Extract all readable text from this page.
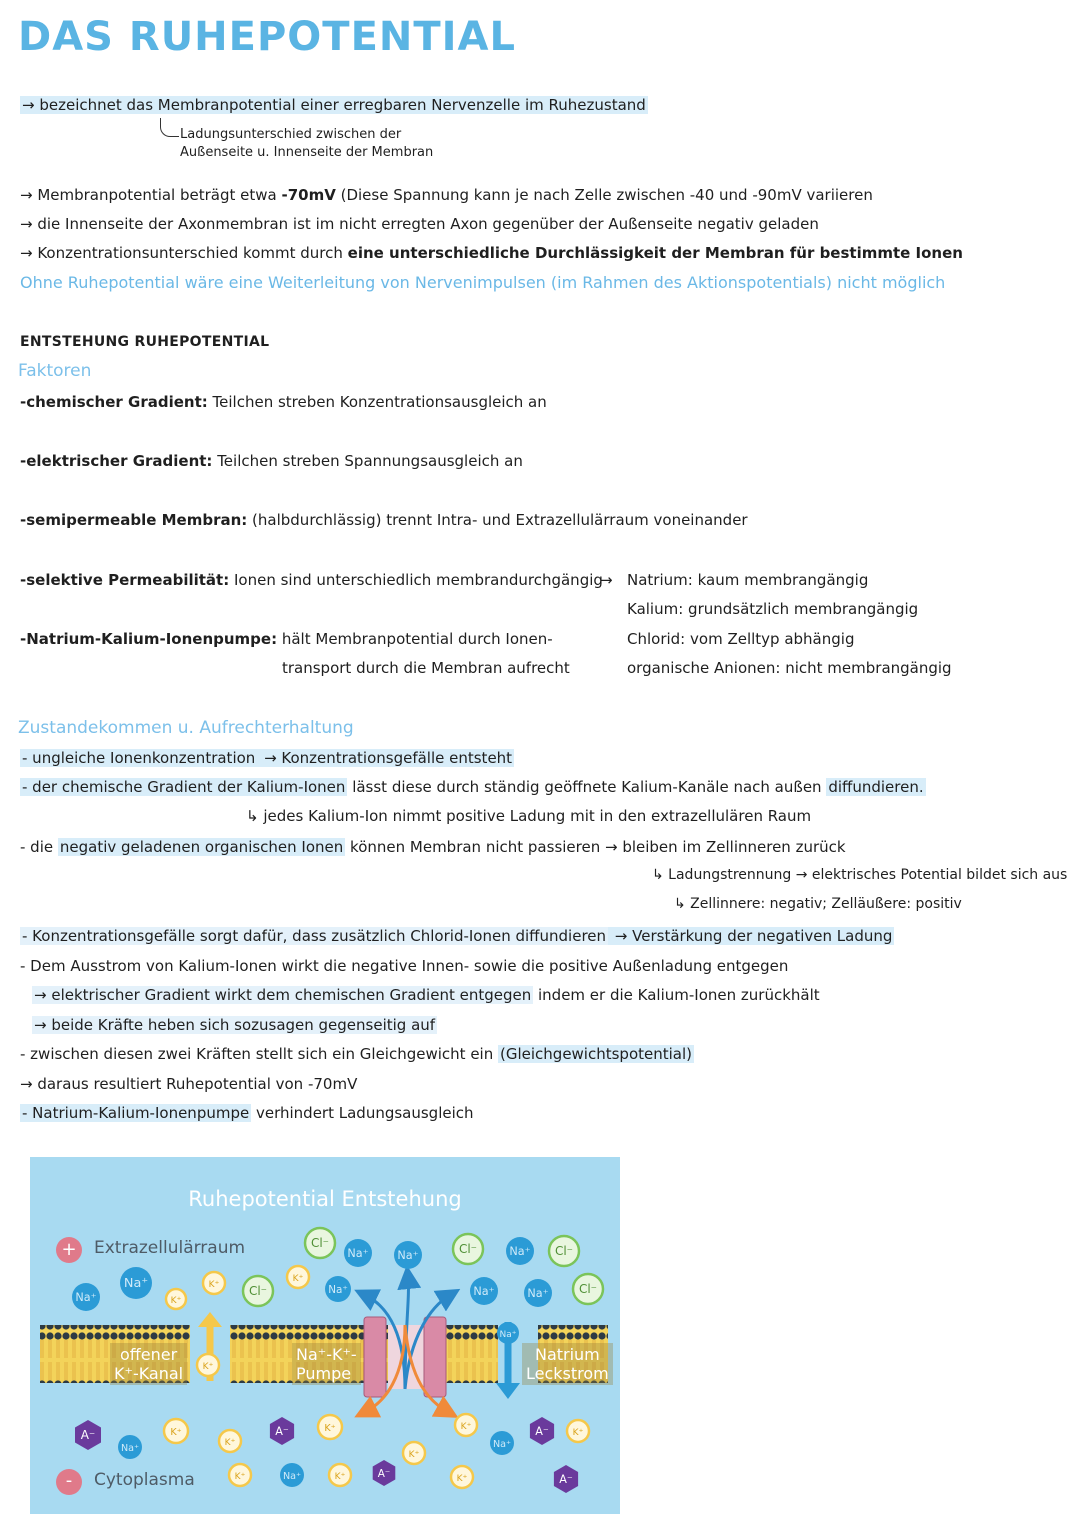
DAS RUHEPOTENTIAL
→ bezeichnet das Membranpotential einer erregbaren Nervenzelle im Ruhezustand
Ladungsunterschied zwischen der
Außenseite u. Innenseite der Membran
→ Membranpotential beträgt etwa -70mV (Diese Spannung kann je nach Zelle zwischen -40 und -90mV variieren
→ die Innenseite der Axonmembran ist im nicht erregten Axon gegenüber der Außenseite negativ geladen
→ Konzentrationsunterschied kommt durch eine unterschiedliche Durchlässigkeit der Membran für bestimmte Ionen
Ohne Ruhepotential wäre eine Weiterleitung von Nervenimpulsen (im Rahmen des Aktionspotentials) nicht möglich
ENTSTEHUNG RUHEPOTENTIAL
Faktoren
-chemischer Gradient: Teilchen streben Konzentrationsausgleich an
-elektrischer Gradient: Teilchen streben Spannungsausgleich an
-semipermeable Membran: (halbdurchlässig) trennt Intra- und Extrazellulärraum voneinander
-selektive Permeabilität: Ionen sind unterschiedlich membrandurchgängig
-Natrium-Kalium-Ionenpumpe: hält Membranpotential durch Ionen-
transport durch die Membran aufrecht
→ Natrium: kaum membrangängig
Kalium: grundsätzlich membrangängig
Chlorid: vom Zelltyp abhängig
organische Anionen: nicht membrangängig
Zustandekommen u. Aufrechterhaltung
- ungleiche Ionenkonzentration → Konzentrationsgefälle entsteht
- der chemische Gradient der Kalium-Ionen lässt diese durch ständig geöffnete Kalium-Kanäle nach außen diffundieren.
↳ jedes Kalium-Ion nimmt positive Ladung mit in den extrazellulären Raum
- die negativ geladenen organischen Ionen können Membran nicht passieren → bleiben im Zellinneren zurück
↳ Ladungstrennung → elektrisches Potential bildet sich aus
↳ Zellinnere: negativ; Zelläußere: positiv
- Konzentrationsgefälle sorgt dafür, dass zusätzlich Chlorid-Ionen diffundieren → Verstärkung der negativen Ladung
- Dem Ausstrom von Kalium-Ionen wirkt die negative Innen- sowie die positive Außenladung entgegen
→ elektrischer Gradient wirkt dem chemischen Gradient entgegen indem er die Kalium-Ionen zurückhält
→ beide Kräfte heben sich sozusagen gegenseitig auf
- zwischen diesen zwei Kräften stellt sich ein Gleichgewicht ein (Gleichgewichtspotential)
→ daraus resultiert Ruhepotential von -70mV
- Natrium-Kalium-Ionenpumpe verhindert Ladungsausgleich
Na⁺
Na⁺
K⁺
K⁺ Cl⁻
K⁺
Cl⁻
Na⁺
Na⁺
Na⁺	Cl⁻	Na⁺ Cl⁻
Na⁺	Na⁺	Cl⁻
Na⁺
K⁺
A⁻
Na⁺
K⁺
K⁺
K⁺
A⁻	K⁺
Na⁺	K⁺	A⁻
K⁺
K⁺
K⁺
Na⁺
A⁻	K⁺
A⁻
Ruhepotential Entstehung
+	Extrazellulärraum
-	Cytoplasma
offener
K⁺-Kanal
Na⁺-K⁺-
Pumpe
Natrium
Leckstrom
